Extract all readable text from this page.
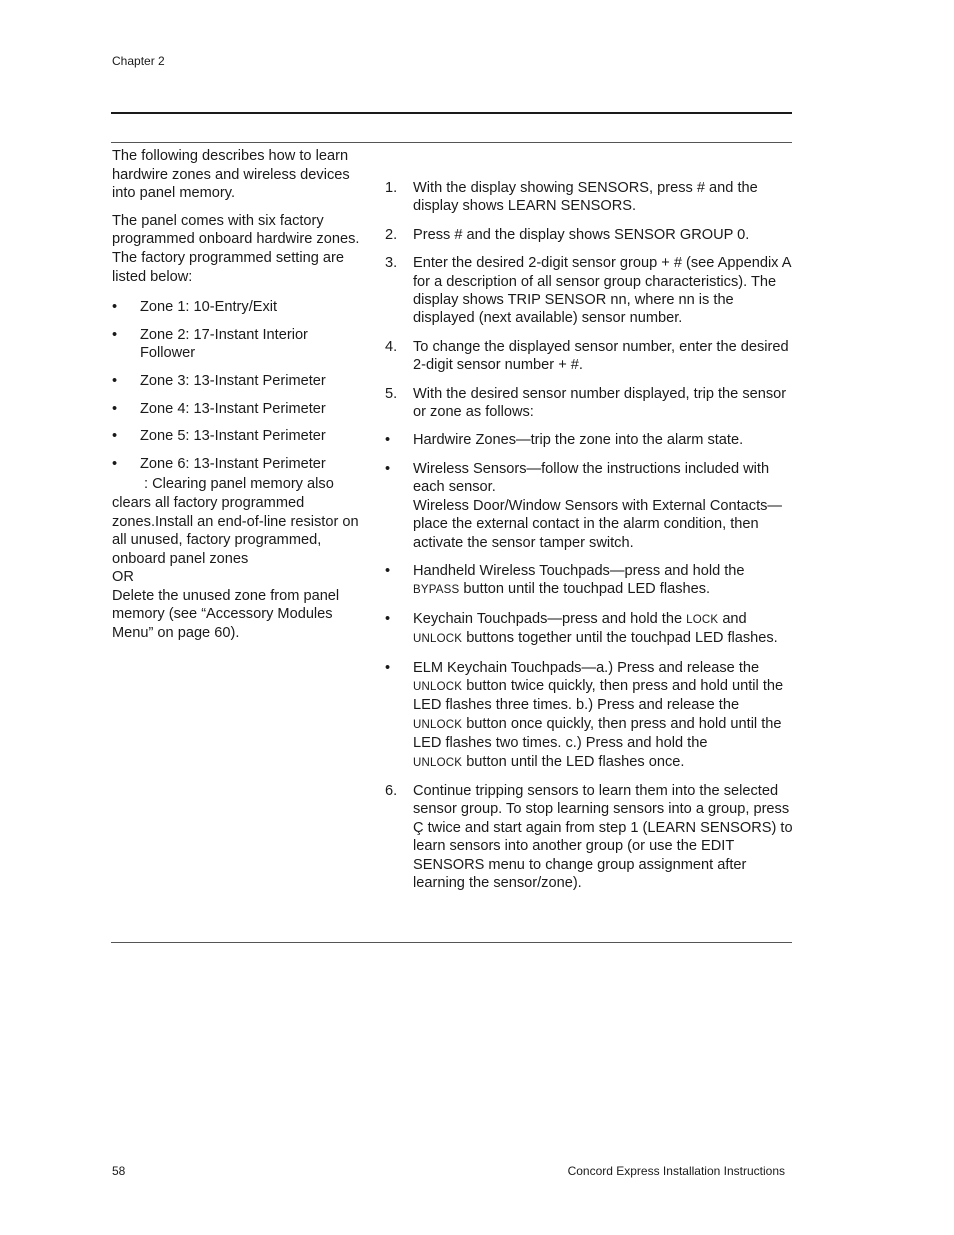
Chapter 2

The following describes how to learn hardwire zones and wireless devices into panel memory.

The panel comes with six factory programmed onboard hardwire zones. The factory programmed setting are listed below:

• Zone 1: 10-Entry/Exit
• Zone 2: 17-Instant Interior Follower
• Zone 3: 13-Instant Perimeter
• Zone 4: 13-Instant Perimeter
• Zone 5: 13-Instant Perimeter
• Zone 6: 13-Instant Perimeter
: Clearing panel memory also clears all factory programmed zones.Install an end-of-line resistor on all unused, factory programmed, onboard panel zones
OR
Delete the unused zone from panel memory (see “Accessory Modules Menu” on page 60).
1. With the display showing SENSORS, press # and the display shows LEARN SENSORS.
2. Press # and the display shows SENSOR GROUP 0.
3. Enter the desired 2-digit sensor group + # (see Appendix A for a description of all sensor group characteristics). The display shows TRIP SENSOR nn, where nn is the displayed (next available) sensor number.
4. To change the displayed sensor number, enter the desired 2-digit sensor number + #.
5. With the desired sensor number displayed, trip the sensor or zone as follows:
• Hardwire Zones—trip the zone into the alarm state.
• Wireless Sensors—follow the instructions included with each sensor.
Wireless Door/Window Sensors with External Contacts—place the external contact in the alarm condition, then activate the sensor tamper switch.
• Handheld Wireless Touchpads—press and hold the
BYPASS button until the touchpad LED flashes.
• Keychain Touchpads—press and hold the LOCK and
UNLOCK buttons together until the touchpad LED flashes.
• ELM Keychain Touchpads—a.) Press and release the
UNLOCK button twice quickly, then press and hold until the LED flashes three times. b.) Press and release the
UNLOCK button once quickly, then press and hold until the LED flashes two times. c.) Press and hold the
UNLOCK button until the LED flashes once.
6. Continue tripping sensors to learn them into the selected sensor group. To stop learning sensors into a group, press Ç twice and start again from step 1 (LEARN SENSORS) to learn sensors into another group (or use the EDIT SENSORS menu to change group assignment after learning the sensor/zone).
58	Concord Express Installation Instructions
